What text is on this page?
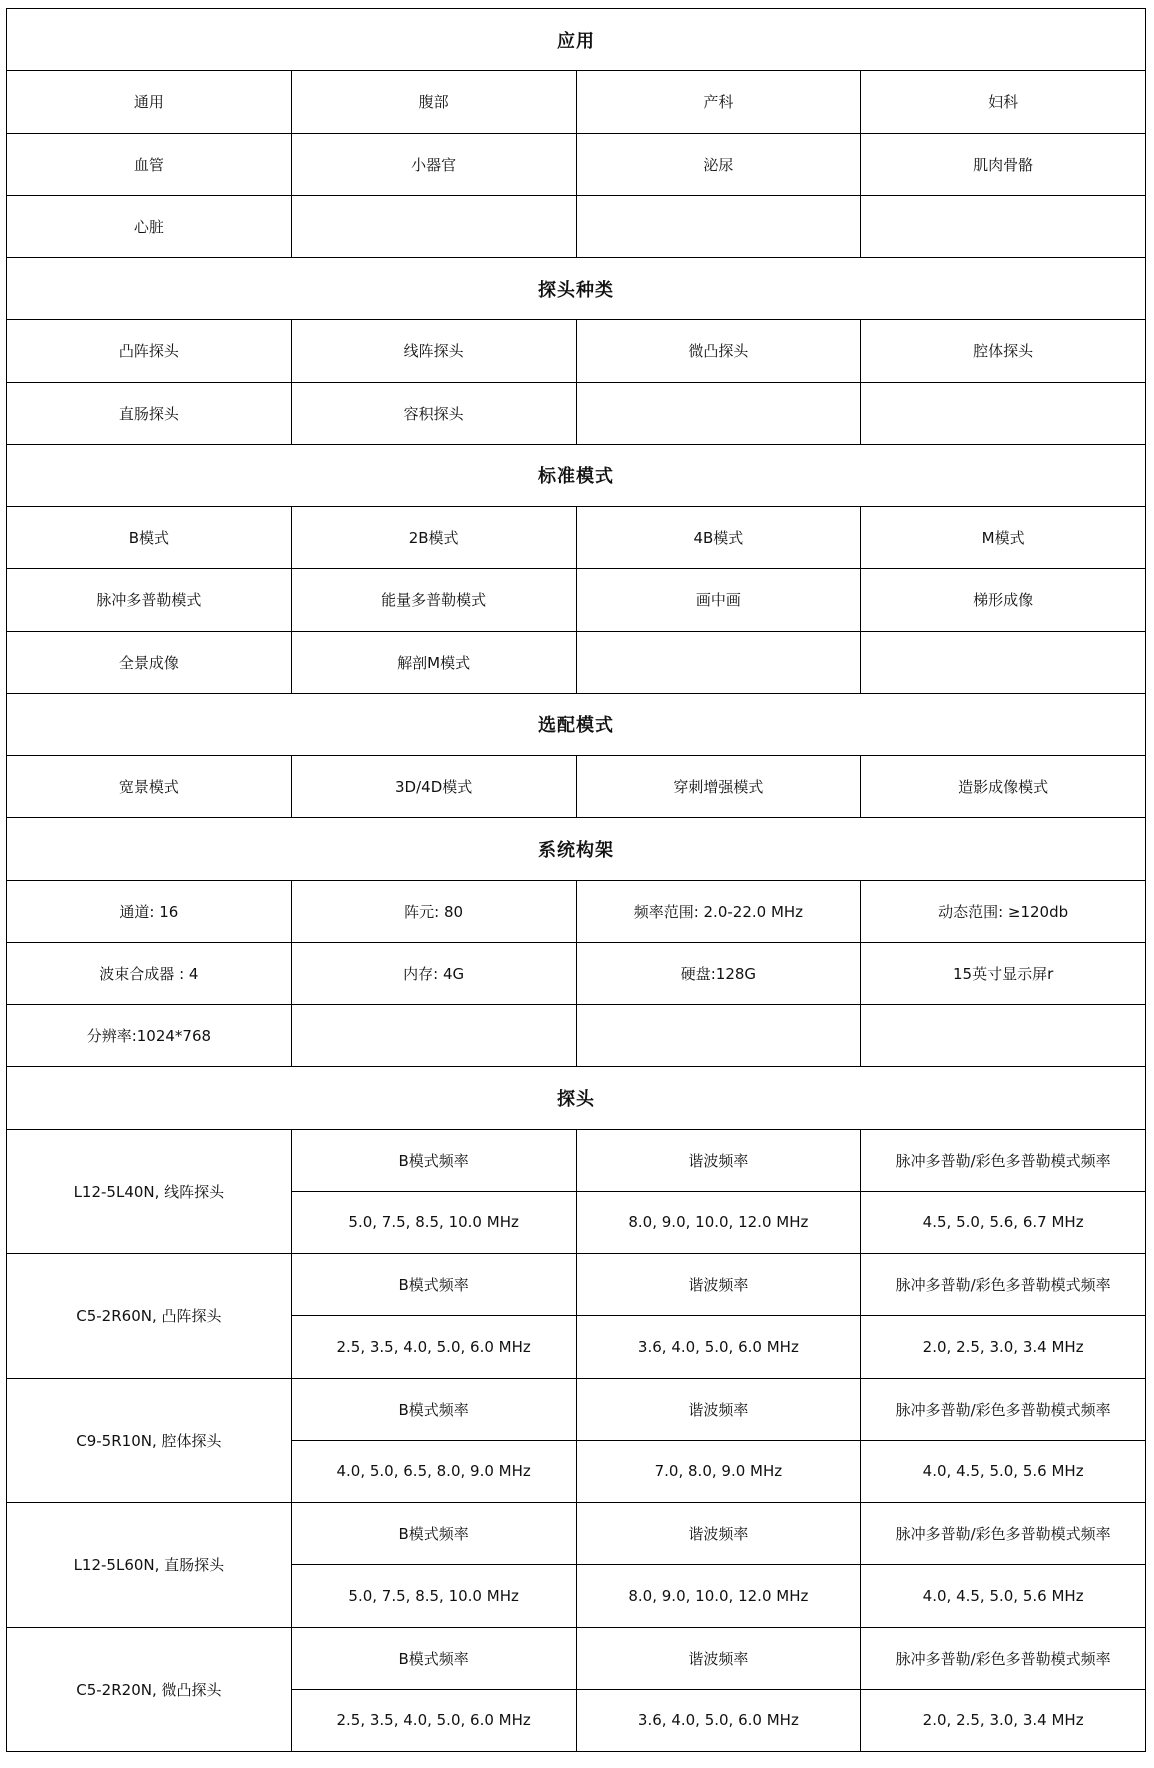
应用			
通用	腹部	产科	妇科
血管	小器官	泌尿	肌肉骨骼
心脏			
探头种类			
凸阵探头	线阵探头	微凸探头	腔体探头
直肠探头	容积探头		
标准模式			
B模式	2B模式	4B模式	M模式
脉冲多普勒模式	能量多普勒模式	画中画	梯形成像
全景成像	解剖M模式		
选配模式			
宽景模式	3D/4D模式	穿刺增强模式	造影成像模式
系统构架			
通道: 16	阵元: 80	频率范围: 2.0-22.0 MHz	动态范围: ≥120db
波束合成器 : 4	内存: 4G	硬盘:128G	15英寸显示屏r
分辨率:1024*768			
探头			
L12-5L40N, 线阵探头	B模式频率	谐波频率	脉冲多普勒/彩色多普勒模式频率
	5.0, 7.5, 8.5, 10.0 MHz	8.0, 9.0, 10.0, 12.0 MHz	4.5, 5.0, 5.6, 6.7 MHz
C5-2R60N, 凸阵探头	B模式频率	谐波频率	脉冲多普勒/彩色多普勒模式频率
	2.5, 3.5, 4.0, 5.0, 6.0 MHz	3.6, 4.0, 5.0, 6.0 MHz	2.0, 2.5, 3.0, 3.4 MHz
C9-5R10N, 腔体探头	B模式频率	谐波频率	脉冲多普勒/彩色多普勒模式频率
	4.0, 5.0, 6.5, 8.0, 9.0 MHz	7.0, 8.0, 9.0 MHz	4.0, 4.5, 5.0, 5.6 MHz
L12-5L60N, 直肠探头	B模式频率	谐波频率	脉冲多普勒/彩色多普勒模式频率
	5.0, 7.5, 8.5, 10.0 MHz	8.0, 9.0, 10.0, 12.0 MHz	4.0, 4.5, 5.0, 5.6 MHz
C5-2R20N, 微凸探头	B模式频率	谐波频率	脉冲多普勒/彩色多普勒模式频率
	2.5, 3.5, 4.0, 5.0, 6.0 MHz	3.6, 4.0, 5.0, 6.0 MHz	2.0, 2.5, 3.0, 3.4 MHz
